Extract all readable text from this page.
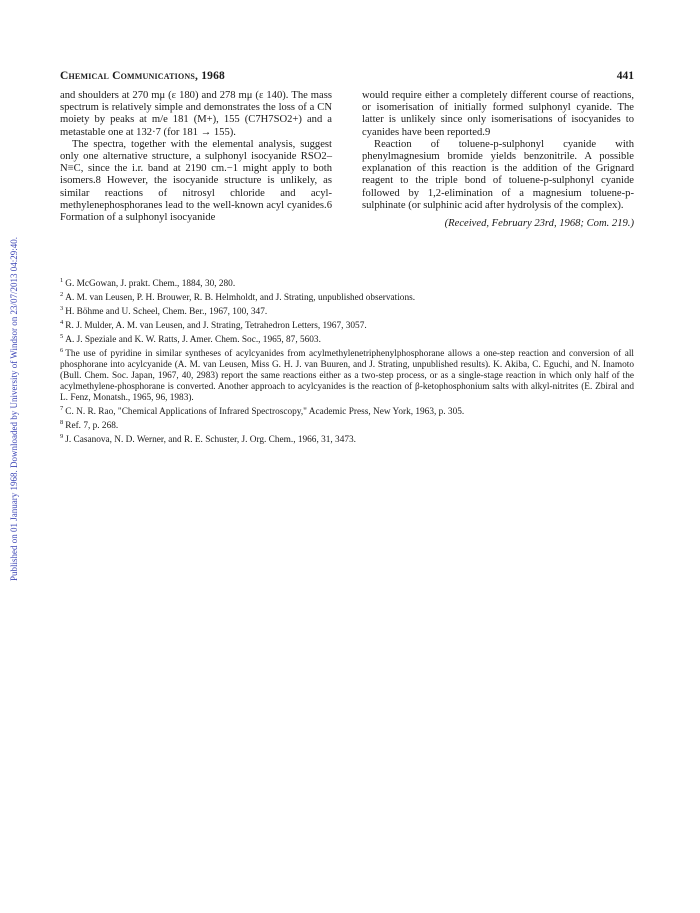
Published on 01 January 1968. Downloaded by University of Windsor on 23/07/2013 04:29:40.
Chemical Communications, 1968	441

and shoulders at 270 mμ (ε 180) and 278 mμ (ε 140). The mass spectrum is relatively simple and demonstrates the loss of a CN moiety by peaks at m/e 181 (M+), 155 (C7H7SO2+) and a metastable one at 132·7 (for 181 → 155).

The spectra, together with the elemental analysis, suggest only one alternative structure, a sulphonyl isocyanide RSO2–N≡C, since the i.r. band at 2190 cm.−1 might apply to both isomers.8 However, the isocyanide structure is unlikely, as similar reactions of nitrosyl chloride and acyl-methylenephosphoranes lead to the well-known acyl cyanides.6 Formation of a sulphonyl isocyanide

would require either a completely different course of reactions, or isomerisation of initially formed sulphonyl cyanide. The latter is unlikely since only isomerisations of isocyanides to cyanides have been reported.9

Reaction of toluene-p-sulphonyl cyanide with phenylmagnesium bromide yields benzonitrile. A possible explanation of this reaction is the addition of the Grignard reagent to the triple bond of toluene-p-sulphonyl cyanide followed by 1,2-elimination of a magnesium toluene-p-sulphinate (or sulphinic acid after hydrolysis of the complex).

(Received, February 23rd, 1968; Com. 219.)
$^1$ G. McGowan, J. prakt. Chem., 1884, 30, 280.
$^2$ A. M. van Leusen, P. H. Brouwer, R. B. Helmholdt, and J. Strating, unpublished observations.
$^3$ H. Böhme and U. Scheel, Chem. Ber., 1967, 100, 347.
$^4$ R. J. Mulder, A. M. van Leusen, and J. Strating, Tetrahedron Letters, 1967, 3057.
$^5$ A. J. Speziale and K. W. Ratts, J. Amer. Chem. Soc., 1965, 87, 5603.
$^6$ The use of pyridine in similar syntheses of acylcyanides from acylmethylenetriphenylphosphorane allows a one-step reaction and conversion of all phosphorane into acylcyanide (A. M. van Leusen, Miss G. H. J. van Buuren, and J. Strating, unpublished results). K. Akiba, C. Eguchi, and N. Inamoto (Bull. Chem. Soc. Japan, 1967, 40, 2983) report the same reactions either as a two-step process, or as a single-stage reaction in which only half of the acylmethylene-phosphorane is converted. Another approach to acylcyanides is the reaction of β-ketophosphonium salts with alkyl-nitrites (E. Zbiral and L. Fenz, Monatsh., 1965, 96, 1983).
$^7$ C. N. R. Rao, "Chemical Applications of Infrared Spectroscopy," Academic Press, New York, 1963, p. 305.
$^8$ Ref. 7, p. 268.
$^9$ J. Casanova, N. D. Werner, and R. E. Schuster, J. Org. Chem., 1966, 31, 3473.
